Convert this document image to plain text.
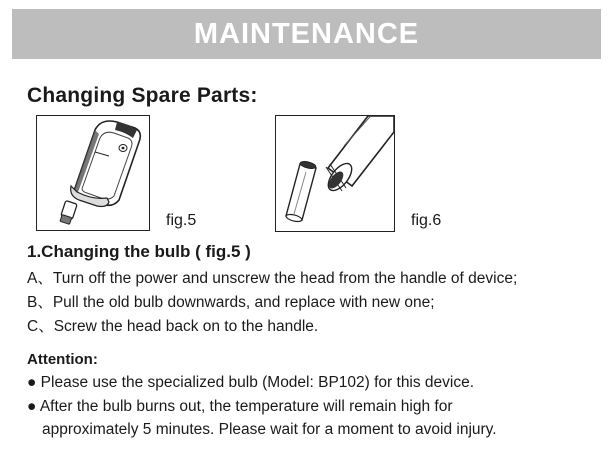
MAINTENANCE
Changing Spare Parts:
fig.5	fig.6
1.Changing the bulb ( fig.5 )
A、Turn off the power and unscrew the head from the handle of device;
B、Pull the old bulb downwards, and replace with new one;
C、Screw the head back on to the handle.
Attention:
● Please use the specialized bulb (Model: BP102) for this device.
● After the bulb burns out, the temperature will remain high for
approximately 5 minutes. Please wait for a moment to avoid injury.
